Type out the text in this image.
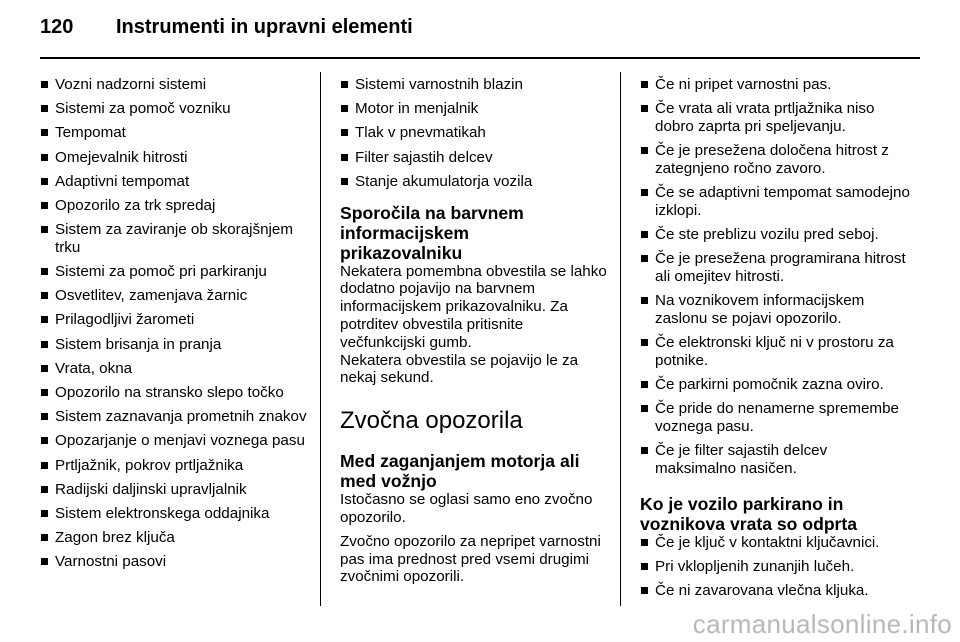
120 Instrumenti in upravni elementi
Vozni nadzorni sistemi
Sistemi za pomoč vozniku
Tempomat
Omejevalnik hitrosti
Adaptivni tempomat
Opozorilo za trk spredaj
Sistem za zaviranje ob skorajšnjem trku
Sistemi za pomoč pri parkiranju
Osvetlitev, zamenjava žarnic
Prilagodljivi žarometi
Sistem brisanja in pranja
Vrata, okna
Opozorilo na stransko slepo točko
Sistem zaznavanja prometnih znakov
Opozarjanje o menjavi voznega pasu
Prtljažnik, pokrov prtljažnika
Radijski daljinski upravljalnik
Sistem elektronskega oddajnika
Zagon brez ključa
Varnostni pasovi
Sistemi varnostnih blazin
Motor in menjalnik
Tlak v pnevmatikah
Filter sajastih delcev
Stanje akumulatorja vozila
Sporočila na barvnem informacijskem prikazovalniku

Nekatera pomembna obvestila se lahko dodatno pojavijo na barvnem informacijskem prikazovalniku. Za potrditev obvestila pritisnite večfunkcijski gumb.

Nekatera obvestila se pojavijo le za nekaj sekund.

Zvočna opozorila
Med zaganjanjem motorja ali med vožnjo

Istočasno se oglasi samo eno zvočno opozorilo.

Zvočno opozorilo za nepripet varnostni pas ima prednost pred vsemi drugimi zvočnimi opozorili.

Če ni pripet varnostni pas.
Če vrata ali vrata prtljažnika niso dobro zaprta pri speljevanju.
Če je presežena določena hitrost z zategnjeno ročno zavoro.
Če se adaptivni tempomat samodejno izklopi.
Če ste preblizu vozilu pred seboj.
Če je presežena programirana hitrost ali omejitev hitrosti.
Na voznikovem informacijskem zaslonu se pojavi opozorilo.
Če elektronski ključ ni v prostoru za potnike.
Če parkirni pomočnik zazna oviro.
Če pride do nenamerne spremembe voznega pasu.
Če je filter sajastih delcev maksimalno nasičen.
Ko je vozilo parkirano in voznikova vrata so odprta
Če je ključ v kontaktni ključavnici.
Pri vklopljenih zunanjih lučeh.
Če ni zavarovana vlečna kljuka.
carmanualsonline.info
